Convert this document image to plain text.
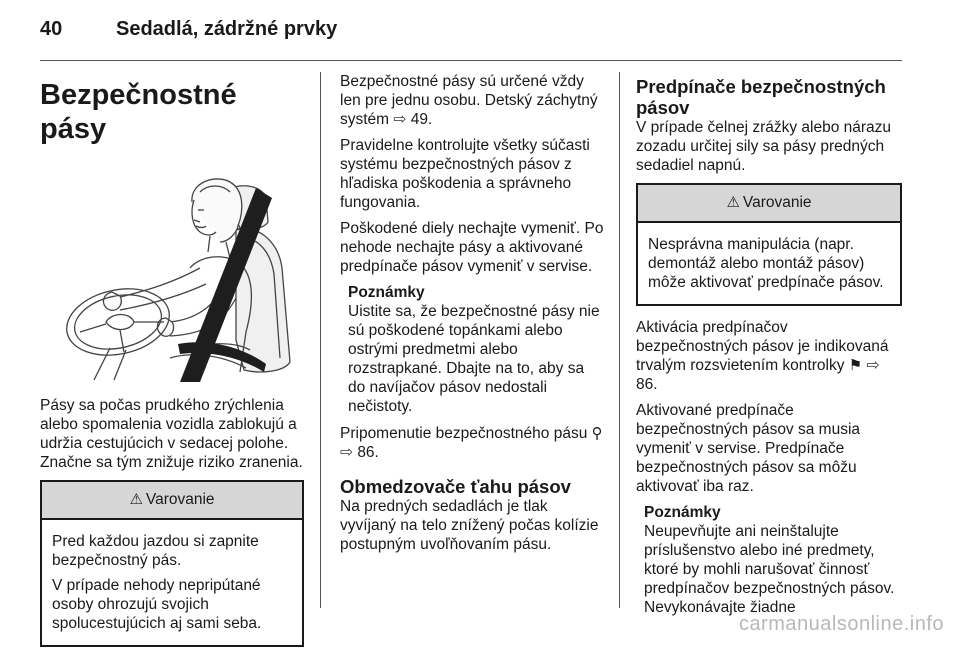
40	Sedadlá, zádržné prvky
Bezpečnostné pásy

Pásy sa počas prudkého zrýchlenia alebo spomalenia vozidla zablokujú a udržia cestujúcich v sedacej polohe. Značne sa tým znižuje riziko zranenia.

⚠ Varovanie

Pred každou jazdou si zapnite bezpečnostný pás.

V prípade nehody nepripútané osoby ohrozujú svojich spolucestujúcich aj sami seba.

Bezpečnostné pásy sú určené vždy len pre jednu osobu. Detský záchytný systém ⇨ 49.

Pravidelne kontrolujte všetky súčasti systému bezpečnostných pásov z hľadiska poškodenia a správneho fungovania.

Poškodené diely nechajte vymeniť. Po nehode nechajte pásy a aktivované predpínače pásov vymeniť v servise.

Poznámky
Uistite sa, že bezpečnostné pásy nie sú poškodené topánkami alebo ostrými predmetmi alebo rozstrapkané. Dbajte na to, aby sa do navíjačov pásov nedostali nečistoty.

Pripomenutie bezpečnostného pásu ⚲ ⇨ 86.

Obmedzovače ťahu pásov

Na predných sedadlách je tlak vyvíjaný na telo znížený počas kolízie postupným uvoľňovaním pásu.

Predpínače bezpečnostných pásov

V prípade čelnej zrážky alebo nárazu zozadu určitej sily sa pásy predných sedadiel napnú.

⚠ Varovanie

Nesprávna manipulácia (napr. demontáž alebo montáž pásov) môže aktivovať predpínače pásov.

Aktivácia predpínačov bezpečnostných pásov je indikovaná trvalým rozsvietením kontrolky ⚑ ⇨ 86.

Aktivované predpínače bezpečnostných pásov sa musia vymeniť v servise. Predpínače bezpečnostných pásov sa môžu aktivovať iba raz.

Poznámky
Neupevňujte ani neinštalujte príslušenstvo alebo iné predmety, ktoré by mohli narušovať činnosť predpínačov bezpečnostných pásov. Nevykonávajte žiadne
carmanualsonline.info
